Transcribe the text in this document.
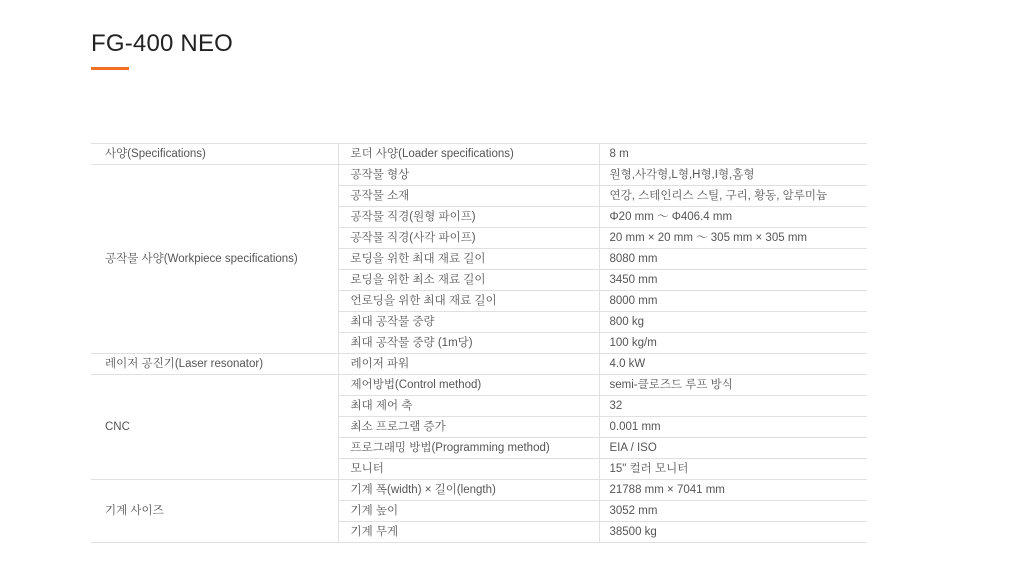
FG-400 NEO
사양(Specifications)	로더 사양(Loader specifications)	8 m
공작물 사양(Workpiece specifications)	공작물 형상	원형,사각형,L형,H형,I형,홈형
	공작물 소재	연강, 스테인리스 스틸, 구리, 황동, 알루미늄
	공작물 직경(원형 파이프)	Φ20 mm ～ Φ406.4 mm
	공작물 직경(사각 파이프)	20 mm × 20 mm ～ 305 mm × 305 mm
	로딩을 위한 최대 재료 길이	8080 mm
	로딩을 위한 최소 재료 길이	3450 mm
	언로딩을 위한 최대 재료 길이	8000 mm
	최대 공작물 중량	800 kg
	최대 공작물 중량 (1m당)	100 kg/m
레이저 공진기(Laser resonator)	레이저 파워	4.0 kW
CNC	제어방법(Control method)	semi-클로즈드 루프 방식
	최대 제어 축	32
	최소 프로그램 증가	0.001 mm
	프로그래밍 방법(Programming method)	EIA / ISO
	모니터	15" 컬러 모니터
기계 사이즈	기계 폭(width) × 길이(length)	21788 mm × 7041 mm
	기계 높이	3052 mm
	기계 무게	38500 kg
